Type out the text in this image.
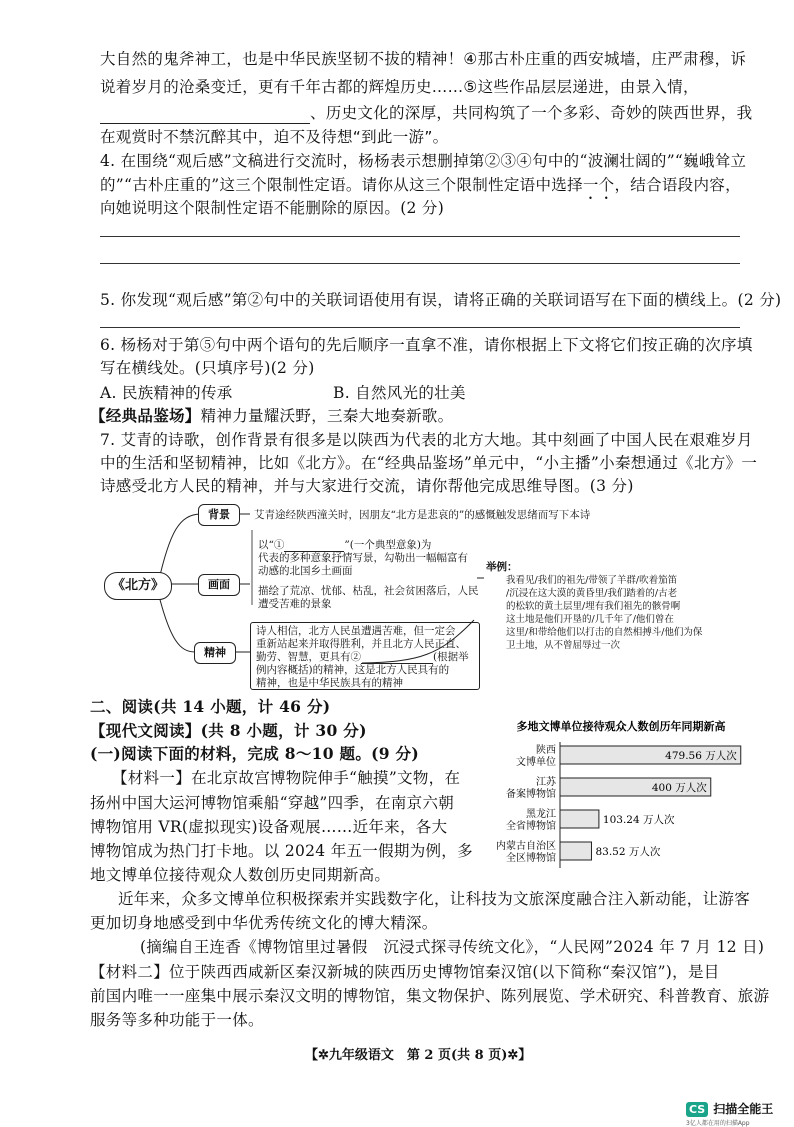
大自然的鬼斧神工，也是中华民族坚韧不拔的精神！④那古朴庄重的西安城墙，庄严肃穆，诉
说着岁月的沧桑变迁，更有千年古都的辉煌历史……⑤这些作品层层递进，由景入情，
、历史文化的深厚，共同构筑了一个多彩、奇妙的陕西世界，我
在观赏时不禁沉醉其中，迫不及待想“到此一游”。
4. 在围绕“观后感”文稿进行交流时，杨杨表示想删掉第②③④句中的“波澜壮阔的”“巍峨耸立
的”“古朴庄重的”这三个限制性定语。请你从这三个限制性定语中选择一个，结合语段内容，
向她说明这个限制性定语不能删除的原因。(2 分)
5. 你发现“观后感”第②句中的关联词语使用有误，请将正确的关联词语写在下面的横线上。(2 分)
6. 杨杨对于第⑤句中两个语句的先后顺序一直拿不准，请你根据上下文将它们按正确的次序填
写在横线处。(只填序号)(2 分)
A. 民族精神的传承	B. 自然风光的壮美
【经典品鉴场】精神力量耀沃野，三秦大地奏新歌。
7. 艾青的诗歌，创作背景有很多是以陕西为代表的北方大地。其中刻画了中国人民在艰难岁月
中的生活和坚韧精神，比如《北方》。在“经典品鉴场”单元中，“小主播”小秦想通过《北方》一
诗感受北方人民的精神，并与大家进行交流，请你帮他完成思维导图。(3 分)
《北方》
背景
画面
精神
艾青途经陕西潼关时，因朋友“北方是悲哀的”的感慨触发思绪而写下本诗
以“①	”(一个典型意象)为
代表的多种意象抒情写景，勾勒出一幅幅富有
动感的北国乡土画面
描绘了荒凉、忧郁、枯乱，社会贫困落后，人民
遭受苦难的景象
诗人相信，北方人民虽遭遇苦难，但一定会
重新站起来并取得胜利，并且北方人民正直、
勤劳、智慧，更具有②	(根据举
例内容概括)的精神，这是北方人民具有的
精神，也是中华民族具有的精神
举例：
我看见/我们的祖先/带领了羊群/吹着笳笛
/沉浸在这大漠的黄昏里/我们踏着的/古老
的松软的黄土层里/埋有我们祖先的骸骨啊
这土地是他们开垦的/几千年了/他们曾在
这里/和带给他们以打击的自然相搏斗/他们为保
卫土地，从不曾屈辱过一次
二、阅读(共 14 小题，计 46 分)
【现代文阅读】(共 8 小题，计 30 分)
(一)阅读下面的材料，完成 8～10 题。(9 分)
【材料一】在北京故宫博物院伸手“触摸”文物，在
扬州中国大运河博物馆乘船“穿越”四季，在南京六朝
博物馆用 VR(虚拟现实)设备观展……近年来，各大
博物馆成为热门打卡地。以 2024 年五一假期为例，多
地文博单位接待观众人数创历史同期新高。
近年来，众多文博单位积极探索并实践数字化，让科技为文旅深度融合注入新动能，让游客
更加切身地感受到中华优秀传统文化的博大精深。
(摘编自王连香《博物馆里过暑假　沉浸式探寻传统文化》，“人民网”2024 年 7 月 12 日)
【材料二】位于陕西西咸新区秦汉新城的陕西历史博物馆秦汉馆(以下简称“秦汉馆”)，是目
前国内唯一一座集中展示秦汉文明的博物馆，集文物保护、陈列展览、学术研究、科普教育、旅游
服务等多种功能于一体。
多地文博单位接待观众人数创历年同期新高
陕西
文博单位
479.56 万人次
江苏
备案博物馆
400 万人次
黑龙江
全省博物馆
103.24 万人次
内蒙古自治区
全区博物馆
83.52 万人次
【✲九年级语文　第 2 页(共 8 页)✲】
CS 扫描全能王
3亿人都在用的扫描App
